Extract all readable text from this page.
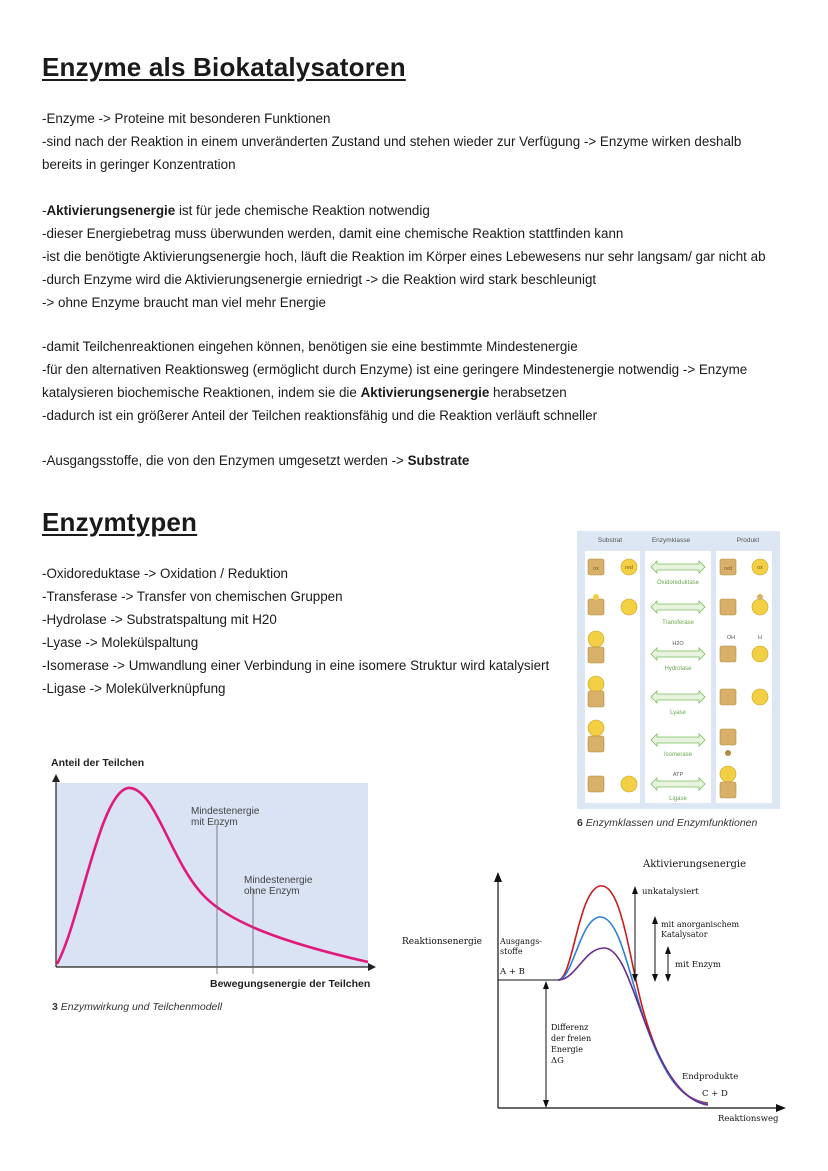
Enzyme als Biokatalysatoren
-Enzyme -> Proteine mit besonderen Funktionen
-sind nach der Reaktion in einem unveränderten Zustand und stehen wieder zur Verfügung -> Enzyme wirken deshalb
bereits in geringer Konzentration
-Aktivierungsenergie ist für jede chemische Reaktion notwendig
-dieser Energiebetrag muss überwunden werden, damit eine chemische Reaktion stattfinden kann
-ist die benötigte Aktivierungsenergie hoch, läuft die Reaktion im Körper eines Lebewesens nur sehr langsam/ gar nicht ab
-durch Enzyme wird die Aktivierungsenergie erniedrigt -> die Reaktion wird stark beschleunigt
-> ohne Enzyme braucht man viel mehr Energie
-damit Teilchenreaktionen eingehen können, benötigen sie eine bestimmte Mindestenergie
-für den alternativen Reaktionsweg (ermöglicht durch Enzyme) ist eine geringere Mindestenergie notwendig -> Enzyme
katalysieren biochemische Reaktionen, indem sie die Aktivierungsenergie herabsetzen
-dadurch ist ein größerer Anteil der Teilchen reaktionsfähig und die Reaktion verläuft schneller
-Ausgangsstoffe, die von den Enzymen umgesetzt werden -> Substrate
Enzymtypen
-Oxidoreduktase -> Oxidation / Reduktion
-Transferase -> Transfer von chemischen Gruppen
-Hydrolase -> Substratspaltung mit H20
-Lyase -> Molekülspaltung
-Isomerase -> Umwandlung einer Verbindung in eine isomere Struktur wird katalysiert
-Ligase -> Molekülverknüpfung
Substrat	Enzymklasse	Produkt
ox	red	red	ox
OH	H
Oxidoreduktase
Transferase
H2O
Hydrolase
Lyase
Isomerase
ATP
Ligase
6 Enzymklassen und Enzymfunktionen
Anteil der Teilchen
Mindestenergie
mit Enzym
Mindestenergie
ohne Enzym
Bewegungsenergie der Teilchen
3 Enzymwirkung und Teilchenmodell
Aktivierungsenergie
Reaktionsenergie Ausgangs-
stoffe
A + B
unkatalysiert
mit anorganischem
Katalysator
mit Enzym
Differenz
der freien
Energie
ΔG
Endprodukte
C + D
Reaktionsweg
